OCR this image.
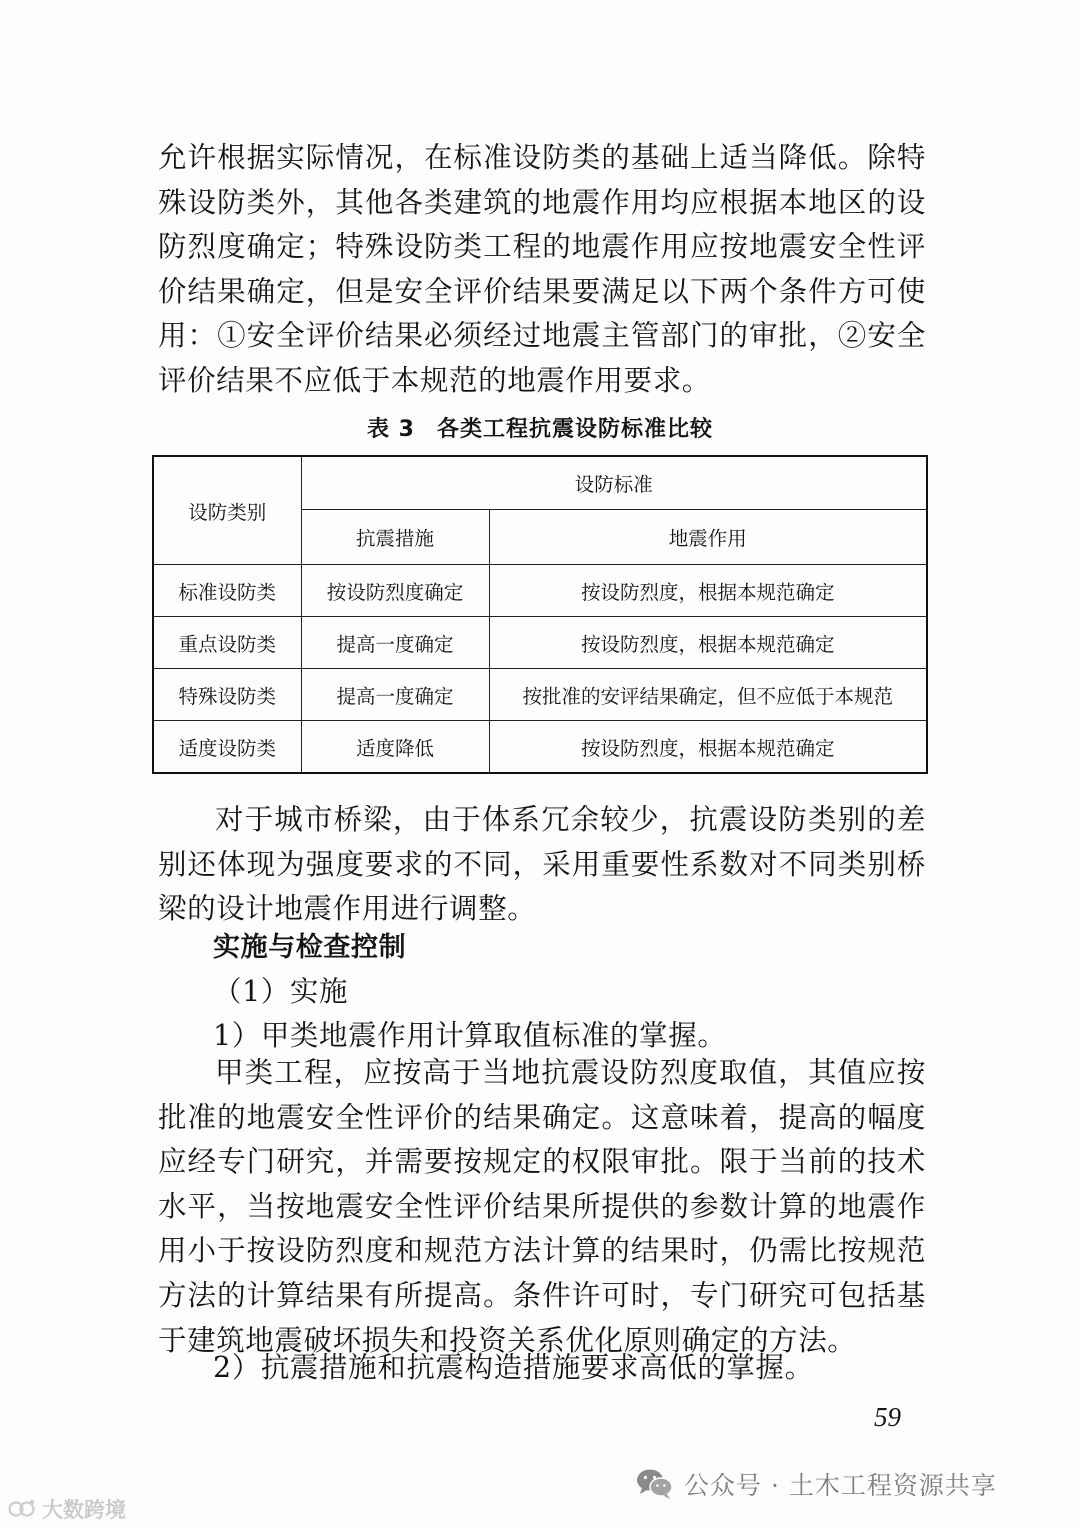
允许根据实际情况，在标准设防类的基础上适当降低。除特殊设防类外，其他各类建筑的地震作用均应根据本地区的设防烈度确定；特殊设防类工程的地震作用应按地震安全性评价结果确定，但是安全评价结果要满足以下两个条件方可使用：①安全评价结果必须经过地震主管部门的审批，②安全评价结果不应低于本规范的地震作用要求。

表 3 各类工程抗震设防标准比较
设防类别	设防标准	
	抗震措施	地震作用
标准设防类	按设防烈度确定	按设防烈度，根据本规范确定
重点设防类	提高一度确定	按设防烈度，根据本规范确定
特殊设防类	提高一度确定	按批准的安评结果确定，但不应低于本规范
适度设防类	适度降低	按设防烈度，根据本规范确定

对于城市桥梁，由于体系冗余较少，抗震设防类别的差别还体现为强度要求的不同，采用重要性系数对不同类别桥梁的设计地震作用进行调整。

实施与检查控制

（1）实施

1）甲类地震作用计算取值标准的掌握。

甲类工程，应按高于当地抗震设防烈度取值，其值应按批准的地震安全性评价的结果确定。这意味着，提高的幅度应经专门研究，并需要按规定的权限审批。限于当前的技术水平，当按地震安全性评价结果所提供的参数计算的地震作用小于按设防烈度和规范方法计算的结果时，仍需比按规范方法的计算结果有所提高。条件许可时，专门研究可包括基于建筑地震破坏损失和投资关系优化原则确定的方法。

2）抗震措施和抗震构造措施要求高低的掌握。

59
公众号 · 土木工程资源共享
大数跨境
